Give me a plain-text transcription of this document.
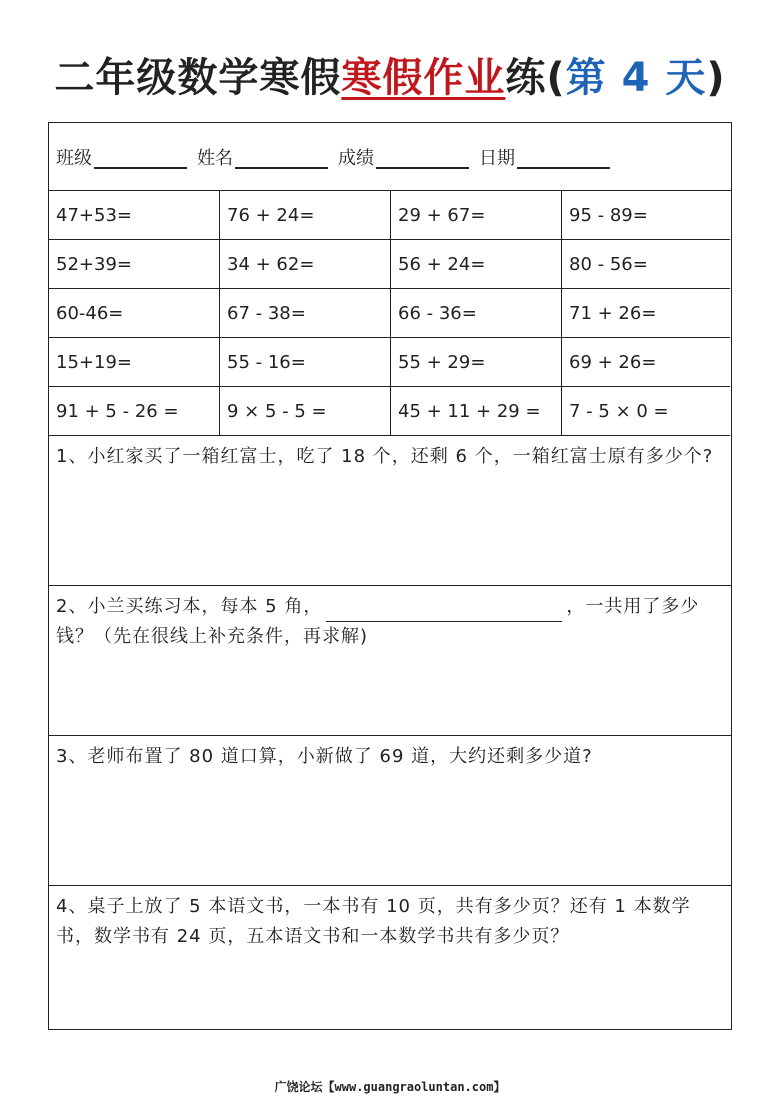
二年级数学寒假寒假作业练(第 4 天)
班级	姓名	成绩	日期
47+53=	76 + 24=	29 + 67=	95 - 89=
52+39=	34 + 62=	56 + 24=	80 - 56=
60-46=	67 - 38=	66 - 36=	71 + 26=
15+19=	55 - 16=	55 + 29=	69 + 26=
91 + 5 - 26 =	9 × 5 - 5 =	45 + 11 + 29 =	7 - 5 × 0 =
1、小红家买了一箱红富士，吃了 18 个，还剩 6 个，一箱红富士原有多少个?
2、小兰买练习本，每本 5 角，	，一共用了多少钱？（先在很线上补充条件，再求解)
3、老师布置了 80 道口算，小新做了 69 道，大约还剩多少道?
4、桌子上放了 5 本语文书，一本书有 10 页，共有多少页？还有 1 本数学书，数学书有 24 页，五本语文书和一本数学书共有多少页？
广饶论坛【www.guangraoluntan.com】
